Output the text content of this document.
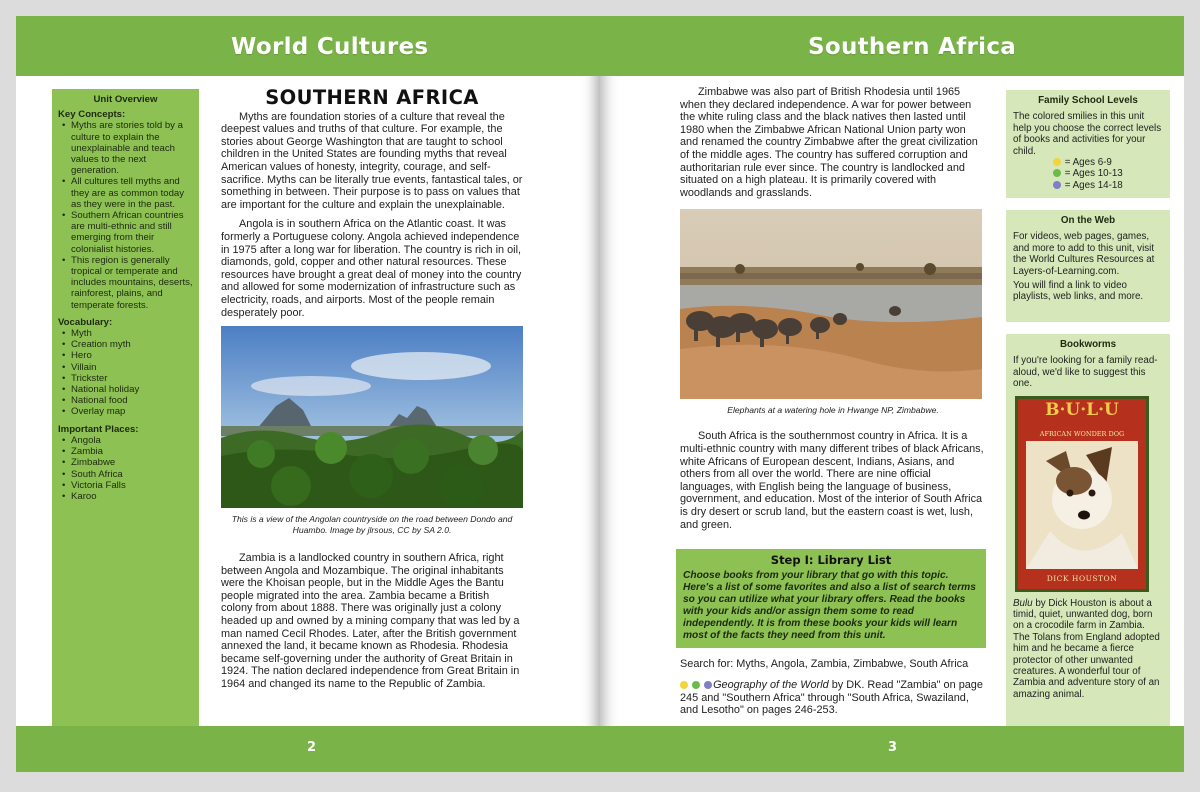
World Cultures
Unit Overview
Key Concepts:
• Myths are stories told by a culture to explain the unexplainable and teach values to the next generation.
• All cultures tell myths and they are as common today as they were in the past.
• Southern African countries are multi-ethnic and still emerging from their colonialist histories.
• This region is generally tropical or temperate and includes mountains, deserts, rainforest, plains, and temperate forests.
Vocabulary:
• Myth
• Creation myth
• Hero
• Villain
• Trickster
• National holiday
• National food
• Overlay map
Important Places:
• Angola
• Zambia
• Zimbabwe
• South Africa
• Victoria Falls
• Karoo
SOUTHERN AFRICA

Myths are foundation stories of a culture that reveal the deepest values and truths of that culture. For example, the stories about George Washington that are taught to school children in the United States are founding myths that reveal American values of honesty, integrity, courage, and self-sacrifice. Myths can be literally true events, fantastical tales, or something in between. Their purpose is to pass on values that are important for the culture and explain the unexplainable.

Angola is in southern Africa on the Atlantic coast. It was formerly a Portuguese colony. Angola achieved independence in 1975 after a long war for liberation. The country is rich in oil, diamonds, gold, copper and other natural resources. These resources have brought a great deal of money into the country and allowed for some modernization of infrastructure such as electricity, roads, and airports. Most of the people remain desperately poor.

This is a view of the Angolan countryside on the road between Dondo and Huambo. Image by jlrsous, CC by SA 2.0.

Zambia is a landlocked country in southern Africa, right between Angola and Mozambique. The original inhabitants were the Khoisan people, but in the Middle Ages the Bantu people migrated into the area. Zambia became a British colony from about 1888. There was originally just a colony headed up and owned by a mining company that was led by a man named Cecil Rhodes. Later, after the British government annexed the land, it became known as Rhodesia. Rhodesia became self-governing under the authority of Great Britain in 1924. The nation declared independence from Great Britain in 1964 and changed its name to the Republic of Zambia.

2
Southern Africa

Zimbabwe was also part of British Rhodesia until 1965 when they declared independence. A war for power between the white ruling class and the black natives then lasted until 1980 when the Zimbabwe African National Union party won and renamed the country Zimbabwe after the great civilization of the middle ages. The country has suffered corruption and authoritarian rule ever since. The country is landlocked and situated on a high plateau. It is primarily covered with woodlands and grasslands.

Elephants at a watering hole in Hwange NP, Zimbabwe.

South Africa is the southernmost country in Africa. It is a multi-ethnic country with many different tribes of black Africans, white Africans of European descent, Indians, Asians, and others from all over the world. There are nine official languages, with English being the language of business, government, and education. Most of the interior of South Africa is dry desert or scrub land, but the eastern coast is wet, lush, and green.

Step I: Library List
Choose books from your library that go with this topic. Here's a list of some favorites and also a list of search terms so you can utilize what your library offers. Read the books with your kids and/or assign them some to read independently. It is from these books your kids will learn most of the facts they need from this unit.
Search for: Myths, Angola, Zambia, Zimbabwe, South Africa
Geography of the World by DK. Read "Zambia" on page 245 and "Southern Africa" through "South Africa, Swaziland, and Lesotho" on pages 246-253.
Family School Levels
The colored smilies in this unit help you choose the correct levels of books and activities for your child.
= Ages 6-9
= Ages 10-13
= Ages 14-18
On the Web
For videos, web pages, games, and more to add to this unit, visit the World Cultures Resources at Layers-of-Learning.com.
You will find a link to video playlists, web links, and more.
Bookworms
If you're looking for a family read-aloud, we'd like to suggest this one.
B·U·L·U
AFRICAN WONDER DOG
DICK HOUSTON
Bulu by Dick Houston is about a timid, quiet, unwanted dog, born on a crocodile farm in Zambia. The Tolans from England adopted him and he became a fierce protector of other unwanted creatures. A wonderful tour of Zambia and adventure story of an amazing animal.
3
